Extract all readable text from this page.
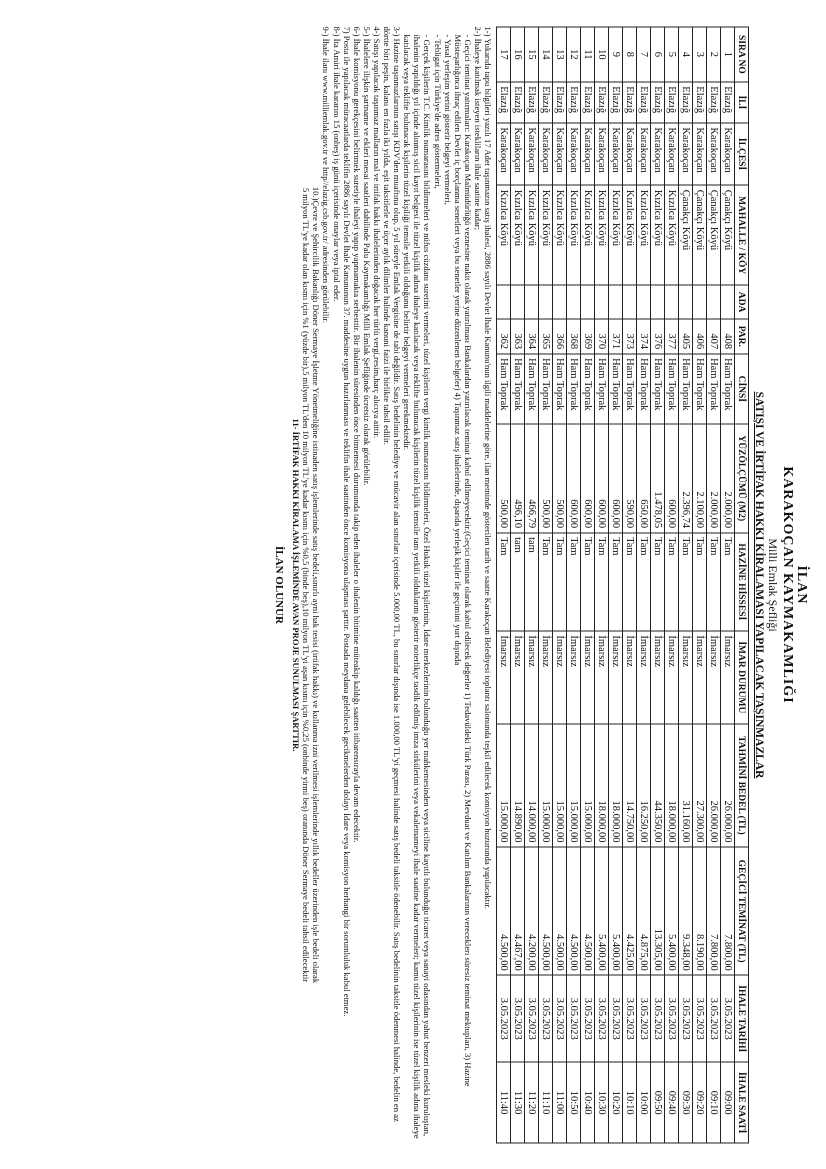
İLAN
KARAKOÇAN KAYMAKAMLIĞI
Milli Emlak Şefliği
SATIŞI VE İRTİFAK HAKKI KİRALAMASI YAPILACAK TAŞINMAZLAR
SIRA NO	İLİ	İLÇESİ	MAHALLE / KÖY	ADA	PAR.	CİNSİ	YÜZÖLÇÜMÜ (M2)	HAZİNE HİSSESİ	İMAR DURUMU	TAHMİNİ BEDEL (TL)	GEÇİCİ TEMİNAT (TL)	İHALE TARİHİ	İHALE SAATİ
1	Elazığ	Karakoçan	Çanakçı Köyü		408	Ham Toprak	2.000,00	Tam	İmarsız	26.000,00	7.800,00	3.05.2023	09:00
2	Elazığ	Karakoçan	Çanakçı Köyü		407	Ham Toprak	2.000,00	Tam	İmarsız	26.000,00	7.800,00	3.05.2023	09:10
3	Elazığ	Karakoçan	Çanakçı Köyü		406	Ham Toprak	2.100,00	Tam	İmarsız	27.300,00	8.190,00	3.05.2023	09:20
4	Elazığ	Karakoçan	Çanakçı Köyü		405	Ham Toprak	2.396,74	Tam	İmarsız	31.160,00	9.348,00	3.05.2023	09:30
5	Elazığ	Karakoçan	Kızılca Köyü		377	Ham Toprak	600,00	Tam	İmarsız	18.000,00	5.400,00	3.05.2023	09:40
6	Elazığ	Karakoçan	Kızılca Köyü		376	Ham Toprak	1.478,05	Tam	İmarsız	44.350,00	13.305,00	3.05.2023	09:50
7	Elazığ	Karakoçan	Kızılca Köyü		374	Ham Toprak	650,00	Tam	İmarsız	16.250,00	4.875,00	3.05.2023	10:00
8	Elazığ	Karakoçan	Kızılca Köyü		373	Ham Toprak	590,00	Tam	İmarsız	14.750,00	4.425,00	3.05.2023	10:10
9	Elazığ	Karakoçan	Kızılca Köyü		371	Ham Toprak	600,00	Tam	İmarsız	18.000,00	5.400,00	3.05.2023	10:20
10	Elazığ	Karakoçan	Kızılca Köyü		370	Ham Toprak	600,00	Tam	İmarsız	18.000,00	5.400,00	3.05.2023	10:30
11	Elazığ	Karakoçan	Kızılca Köyü		369	Ham Toprak	600,00	Tam	İmarsız	15.000,00	4.500,00	3.05.2023	10:40
12	Elazığ	Karakoçan	Kızılca Köyü		368	Ham Toprak	600,00	Tam	İmarsız	15.000,00	4.500,00	3.05.2023	10:50
13	Elazığ	Karakoçan	Kızılca Köyü		366	Ham Toprak	500,00	Tam	İmarsız	15.000,00	4.500,00	3.05.2023	11:00
14	Elazığ	Karakoçan	Kızılca Köyü		365	Ham Toprak	500,00	Tam	İmarsız	15.000,00	4.500,00	3.05.2023	11:10
15	Elazığ	Karakoçan	Kızılca Köyü		364	Ham Toprak	466,79	tam	İmarsız	14.000,00	4.200,00	3.05.2023	11:20
16	Elazığ	Karakoçan	Kızılca Köyü		363	Ham Toprak	496,10	tam	İmarsız	14.890,00	4.467,00	3.05.2023	11:30
17	Elazığ	Karakoçan	Kızılca Köyü		362	Ham Toprak	500,00	Tam	İmarsız	15.000,00	4.500,00	3.05.2023	11:40

1-) Yukarıda tapu bilgileri yazılı 17 Adet taşınmazın satış ihalesi, 2886 sayılı Devlet İhale Kanunu'nun ilgili maddelerine göre, ilan metninde gösterilen tarih ve saatte Karakoçan Belediyesi toplantı salonunda teşkil edilecek komisyon huzurunda yapılacaktır.

2-) İhaleye katılmak isteyen istekliların ihale saatine kadar;

- Geçici teminat yatırmaları: Karakoçan Malmüdürlüğü veznesine nakit olarak yatırılması Bankalardan yatırılacak teminat kabul edilmeyecektir.(Geçici teminat olarak kabul edilecek değerler 1) Tedavüldeki Türk Parası, 2) Mevduat ve Katılım Bankalarının vereceklerı süresiz teminat mektupları, 3) Hazine Müsteşarlığınca ihraç edilen Devlet iç borçlanma senetleri veya bu senetler yerine düzenlenen belgeler) 4) Taşınmaz satış ihalelerinde, dışarıda yerleşik kişiler ile geçimini yurt dışında

- Yasal yerleşim yerini gösterir belgeyi vermeleri,

- Tebligat için Türkiye'de adres göstermeleri,

- Gerçek kişilerin T.C. Kimlik numarasını bildirmeleri ve nüfus cüzdanı suretini vermeleri, tüzel kişilerin vergi kimlik numarasını bildirmeleri, Özel Hukuk tüzel kişilerinin, İdare merkezlerinin bulunduğu yer mahkemesinden veya siciline kayıtlı bulunduğu ticaret veya sanayi odasından yahut benzeri mesleki kuruluştan, ihalenin yapıldığı yıl içinde alınmış sicil kayıt belgesi ile tüzel kişilik adına ihaleye katılacak veya teklifte bulunacak kişilerin tüzel kişilik temsile tam yetkili olduklarını gösterir noterlikçe tasdik edilmiş imza sirkülerini veya vekaletnameyi ihale saatine kadar vermeleri; kamu tüzel kişilerinin ise tüzel kişilik adına ihaleye katılacak veya teklifte bulunacak kişilerin tüzel kişiliği temsile yetkili olduğunu belirtir belgeyi vermeleri gerekmektedir.

3-) Hazine taşınmazlarının satışı KDV'den muaftına olup, 5 yıl süreyle Emlak Vergisine de tabi değildir. Satış bedelinin belediye ve mücavir alan sınırları içerisinde 5.000,00 TL, bu sınırlar dışında ise 1.000,00 TL'yi geçmesi halinde satış bedeli taksitle ödenebilir. Satış bedelinin taksitle ödenmesi halinde, bedelin en az dörtte biri peşin, kalanı en fazla iki yılda, eşit taksitlerle ve üçer aylık dilimler halinde kanuni faizi ile birlikte tahsil edilir.

4-) Satışı yapılacak taşınmaz malların mal ve irtifak hakkı ihalelerinden doğacak her türlü vergi,resim,harç alıcıya aittir.

5-) İhalelere ilişkin şartname ve ekleri mesai saatleri dahilinde Palu Kaymakamlığı Milli Emlak Şefliğinde ücretsiz olarak görülebilir.

6-) İhale komisyonu gerekçesini belirtmek suretiyle ihaleyi yapıp yapmamakta serbesttir. Bir ihalenin süresinden önce bitmemesi durumunda takip eden ihaleler o ihalenin bitimine müteakip kaldığı saatten itibarensırayla devam edecektir.

7) Posta ile yapılacak müracaatlarda teklifin 2886 sayılı Devlet İhale Kanununun 37. maddesine uygun hazırlanması ve teklifin ihale saatinden önce komisyona ulaşması şarttır. Postada meydana gelebilecek gecikmelerden dolayı İdare veya komisyon herhangi bir sorumluluk kabul etmez.

8-) İta Amiri ihale kararını 15 (onbeş) iş günü içerisinde onaylar veya iptal eder.

9-) İhale ilanı www.milliemlak.gov.tr ve http//elazig.csb.gov.tr/ adresinden görülebilir.

10.)Çevre ve Şehircilik Bakanlığı Döner Sermaye İşletme Yönetmeliğine istinaden satış işlemlerinde satış bedeli,sınırlı ayni hak tesisi (irtifak hakkı) ve kullanma izni verilmesi işlemlerinde yıllık bedeller üzerinden işle bedeli olarak

5 milyon TL'ye kadar olan kısmı için %1 (yüzde bir),5 milyon TL'den 10 milyon TL'ye kadar kısmı için %0,5 (binde beş),10 milyon TL'yi aşan kısmı için %0,25 (onbinde yirmi beş) oranında Döner Sermaye bedeli tahsil edilecektir

11- İRTİFAK HAKKI KİRALAMA İŞLEMİNDE AVAN PROJE SUNULMASI ŞARTTIR.

İLAN OLUNUR
